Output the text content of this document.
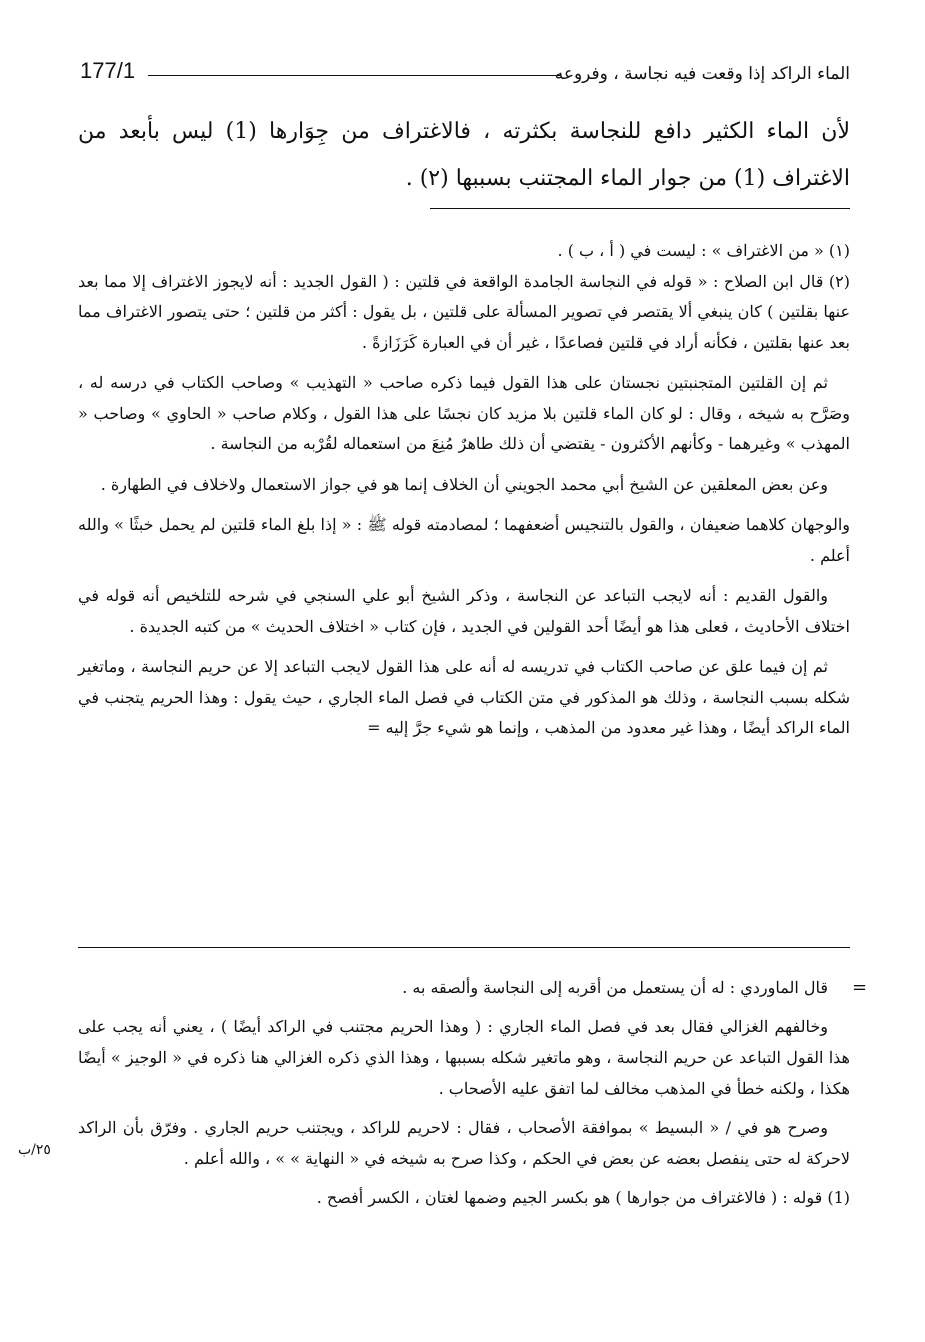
الماء الراكد إذا وقعت فيه نجاسة ، وفروعه
177/1

لأن الماء الكثير دافع للنجاسة بكثرته ، فالاغتراف من جِوَارها (1) ليس بأبعد من الاغتراف (1) من جوار الماء المجتنب بسببها (٢) .

(١) « من الاغتراف » : ليست في ( أ ، ب ) .

(٢) قال ابن الصلاح : « قوله في النجاسة الجامدة الواقعة في قلتين : ( القول الجديد : أنه لايجوز الاغتراف إلا مما بعد عنها بقلتين ) كان ينبغي ألا يقتصر في تصوير المسألة على قلتين ، بل يقول : أكثر من قلتين ؛ حتى يتصور الاغتراف مما بعد عنها بقلتين ، فكأنه أراد في قلتين فصاعدًا ، غير أن في العبارة كَرَزَازةً .

ثم إن القلتين المتجنبتين نجستان على هذا القول فيما ذكره صاحب « التهذيب » وصاحب الكتاب في درسه له ، وصَرَّح به شيخه ، وقال : لو كان الماء قلتين بلا مزيد كان نجسًا على هذا القول ، وكلام صاحب « الحاوي » وصاحب « المهذب » وغيرهما - وكأنهم الأكثرون - يقتضي أن ذلك طاهرٌ مُنِعَ من استعماله لقُرْبه من النجاسة .

وعن بعض المعلقين عن الشيخ أبي محمد الجويني أن الخلاف إنما هو في جواز الاستعمال ولاخلاف في الطهارة .

والوجهان كلاهما ضعيفان ، والقول بالتنجيس أضعفهما ؛ لمصادمته قوله ﷺ : « إذا بلغ الماء قلتين لم يحمل خبثًا » والله أعلم .

والقول القديم : أنه لايجب التباعد عن النجاسة ، وذكر الشيخ أبو علي السنجي في شرحه للتلخيص أنه قوله في اختلاف الأحاديث ، فعلى هذا هو أيضًا أحد القولين في الجديد ، فإن كتاب « اختلاف الحديث » من كتبه الجديدة .

ثم إن فيما علق عن صاحب الكتاب في تدريسه له أنه على هذا القول لايجب التباعد إلا عن حريم النجاسة ، وماتغير شكله بسبب النجاسة ، وذلك هو المذكور في متن الكتاب في فصل الماء الجاري ، حيث يقول : وهذا الحريم يتجنب في الماء الراكد أيضًا ، وهذا غير معدود من المذهب ، وإنما هو شيء جرَّ إليه =

=

قال الماوردي : له أن يستعمل من أقربه إلى النجاسة وألصقه به .

وخالفهم الغزالي فقال بعد في فصل الماء الجاري : ( وهذا الحريم مجتنب في الراكد أيضًا ) ، يعني أنه يجب على هذا القول التباعد عن حريم النجاسة ، وهو ماتغير شكله بسببها ، وهذا الذي ذكره الغزالي هنا ذكره في « الوجيز » أيضًا هكذا ، ولكنه خطأ في المذهب مخالف لما اتفق عليه الأصحاب .

وصرح هو في / « البسيط » بموافقة الأصحاب ، فقال : لاحريم للراكد ، ويجتنب حريم الجاري . وفرّق بأن الراكد لاحركة له حتى ينفصل بعضه عن بعض في الحكم ، وكذا صرح به شيخه في « النهاية » » ، والله أعلم .

(1) قوله : ( فالاغتراف من جوارها ) هو بكسر الجيم وضمها لغتان ، الكسر أفصح .

٢٥/ب
